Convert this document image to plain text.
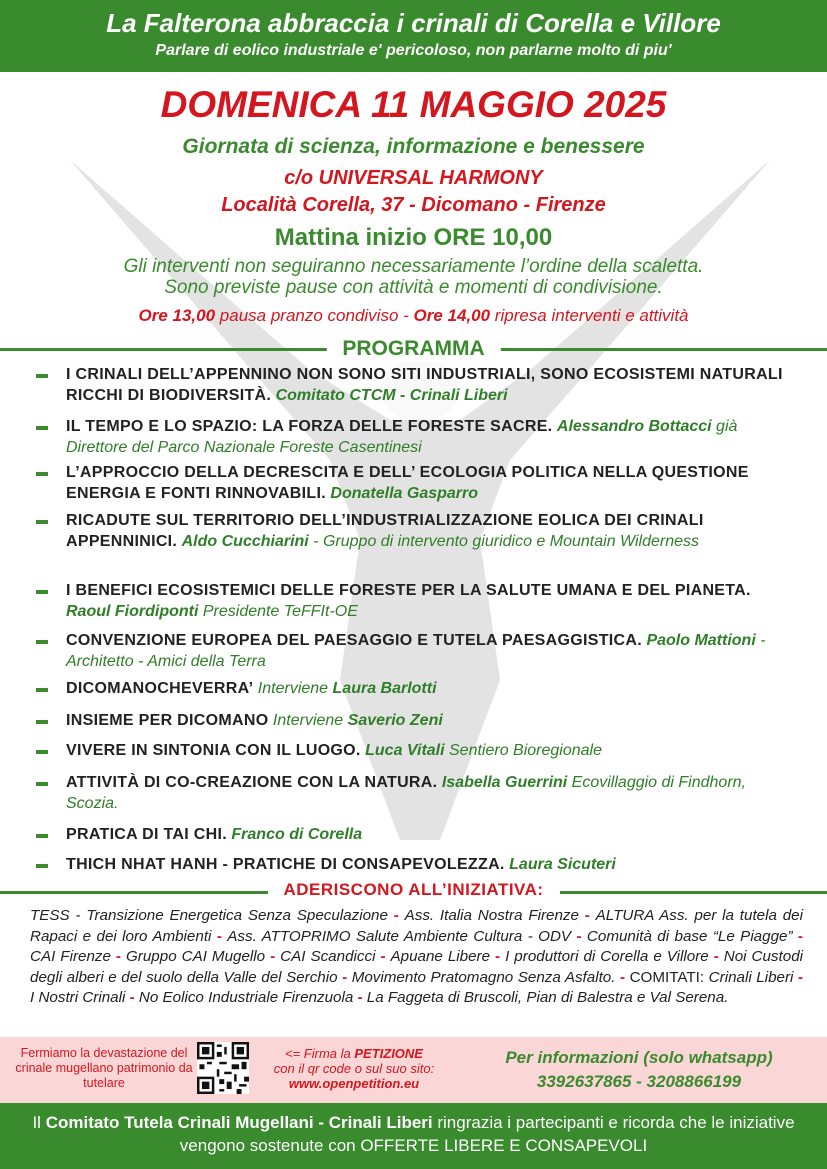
La Falterona abbraccia i crinali di Corella e Villore
Parlare di eolico industriale e' pericoloso, non parlarne molto di piu'
DOMENICA 11 MAGGIO 2025
Giornata di scienza, informazione e benessere
c/o UNIVERSAL HARMONY
Località Corella, 37 - Dicomano - Firenze
Mattina inizio ORE 10,00
Gli interventi non seguiranno necessariamente l’ordine della scaletta.
Sono previste pause con attività e momenti di condivisione.
Ore 13,00 pausa pranzo condiviso - Ore 14,00 ripresa interventi e attività
PROGRAMMA
I CRINALI DELL’APPENNINO NON SONO SITI INDUSTRIALI, SONO ECOSISTEMI NATURALI RICCHI DI BIODIVERSITÀ. Comitato CTCM - Crinali Liberi
IL TEMPO E LO SPAZIO: LA FORZA DELLE FORESTE SACRE. Alessandro Bottacci già Direttore del Parco Nazionale Foreste Casentinesi
L’APPROCCIO DELLA DECRESCITA E DELL’ ECOLOGIA POLITICA NELLA QUESTIONE ENERGIA E FONTI RINNOVABILI. Donatella Gasparro
RICADUTE SUL TERRITORIO DELL’INDUSTRIALIZZAZIONE EOLICA DEI CRINALI APPENNINICI. Aldo Cucchiarini - Gruppo di intervento giuridico e Mountain Wilderness
I BENEFICI ECOSISTEMICI DELLE FORESTE PER LA SALUTE UMANA E DEL PIANETA. Raoul Fiordiponti Presidente TeFFIt-OE
CONVENZIONE EUROPEA DEL PAESAGGIO E TUTELA PAESAGGISTICA. Paolo Mattioni - Architetto - Amici della Terra
DICOMANOCHEVERRA’ Interviene Laura Barlotti
INSIEME PER DICOMANO Interviene Saverio Zeni
VIVERE IN SINTONIA CON IL LUOGO. Luca Vitali Sentiero Bioregionale
ATTIVITÀ DI CO-CREAZIONE CON LA NATURA. Isabella Guerrini Ecovillaggio di Findhorn, Scozia.
PRATICA DI TAI CHI. Franco di Corella
THICH NHAT HANH - PRATICHE DI CONSAPEVOLEZZA. Laura Sicuteri
ADERISCONO ALL’INIZIATIVA:
TESS - Transizione Energetica Senza Speculazione - Ass. Italia Nostra Firenze - ALTURA Ass. per la tutela dei Rapaci e dei loro Ambienti - Ass. ATTOPRIMO Salute Ambiente Cultura - ODV - Comunità di base “Le Piagge” - CAI Firenze - Gruppo CAI Mugello - CAI Scandicci - Apuane Libere - I produttori di Corella e Villore - Noi Custodi degli alberi e del suolo della Valle del Serchio - Movimento Pratomagno Senza Asfalto. - COMITATI: Crinali Liberi - I Nostri Crinali - No Eolico Industriale Firenzuola - La Faggeta di Bruscoli, Pian di Balestra e Val Serena.
Fermiamo la devastazione del crinale mugellano patrimonio da tutelare
<= Firma la PETIZIONE
con il qr code o sul suo sito:
www.openpetition.eu
Per informazioni (solo whatsapp)
3392637865 - 3208866199
Il Comitato Tutela Crinali Mugellani - Crinali Liberi ringrazia i partecipanti e ricorda che le iniziative vengono sostenute con OFFERTE LIBERE E CONSAPEVOLI
